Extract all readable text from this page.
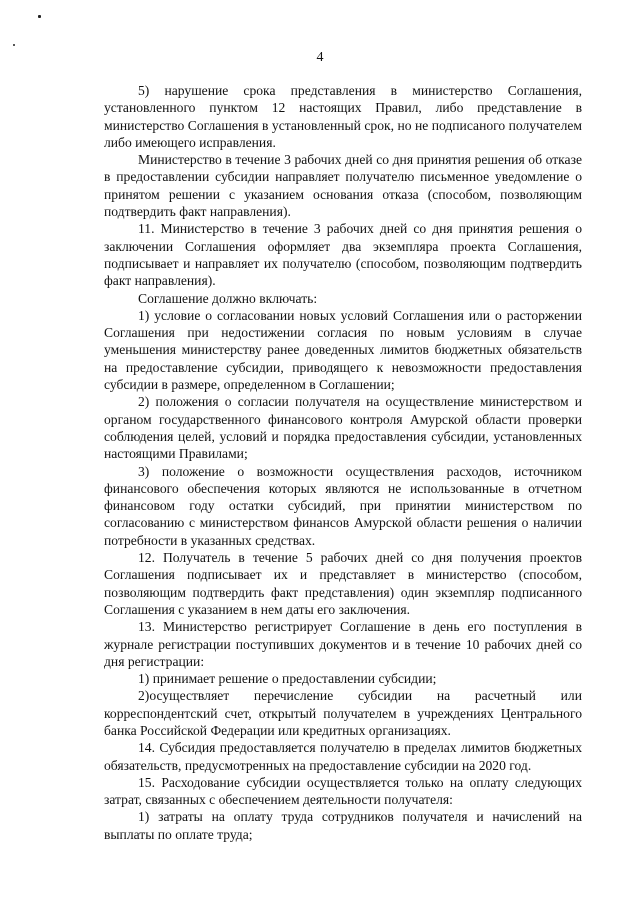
4

5) нарушение срока представления в министерство Соглашения, установленного пунктом 12 настоящих Правил, либо представление в министерство Соглашения в установленный срок, но не подписаного получателем либо имеющего исправления.

Министерство в течение 3 рабочих дней со дня принятия решения об отказе в предоставлении субсидии направляет получателю письменное уведомление о принятом решении с указанием основания отказа (способом, позволяющим подтвердить факт направления).

11. Министерство в течение 3 рабочих дней со дня принятия решения о заключении Соглашения оформляет два экземпляра проекта Соглашения, подписывает и направляет их получателю (способом, позволяющим подтвердить факт направления).

Соглашение должно включать:

1) условие о согласовании новых условий Соглашения или о расторжении Соглашения при недостижении согласия по новым условиям в случае уменьшения министерству ранее доведенных лимитов бюджетных обязательств на предоставление субсидии, приводящего к невозможности предоставления субсидии в размере, определенном в Соглашении;

2) положения о согласии получателя на осуществление министерством и органом государственного финансового контроля Амурской области проверки соблюдения целей, условий и порядка предоставления субсидии, установленных настоящими Правилами;

3) положение о возможности осуществления расходов, источником финансового обеспечения которых являются не использованные в отчетном финансовом году остатки субсидий, при принятии министерством по согласованию с министерством финансов Амурской области решения о наличии потребности в указанных средствах.

12. Получатель в течение 5 рабочих дней со дня получения проектов Соглашения подписывает их и представляет в министерство (способом, позволяющим подтвердить факт представления) один экземпляр подписанного Соглашения с указанием в нем даты его заключения.

13. Министерство регистрирует Соглашение в день его поступления в журнале регистрации поступивших документов и в течение 10 рабочих дней со дня регистрации:

1) принимает решение о предоставлении субсидии;

2)осуществляет перечисление субсидии на расчетный или корреспондентский счет, открытый получателем в учреждениях Центрального банка Российской Федерации или кредитных организациях.

14. Субсидия предоставляется получателю в пределах лимитов бюджетных обязательств, предусмотренных на предоставление субсидии на 2020 год.

15. Расходование субсидии осуществляется только на оплату следующих затрат, связанных с обеспечением деятельности получателя:

1) затраты на оплату труда сотрудников получателя и начислений на выплаты по оплате труда;
